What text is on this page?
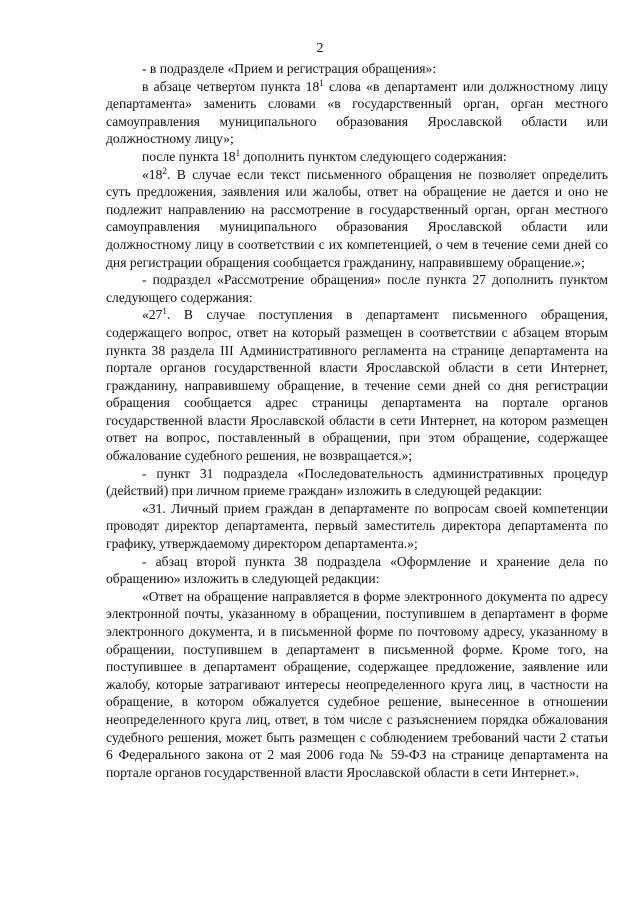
2

- в подразделе «Прием и регистрация обращения»:

в абзаце четвертом пункта $18^1$ слова «в департамент или должностному лицу департамента» заменить словами «в государственный орган, орган местного самоуправления муниципального образования Ярославской области или должностному лицу»;

после пункта $18^1$ дополнить пунктом следующего содержания:

«$18^2$. В случае если текст письменного обращения не позволяет определить суть предложения, заявления или жалобы, ответ на обращение не дается и оно не подлежит направлению на рассмотрение в государственный орган, орган местного самоуправления муниципального образования Ярославской области или должностному лицу в соответствии с их компетенцией, о чем в течение семи дней со дня регистрации обращения сообщается гражданину, направившему обращение.»;

- подраздел «Рассмотрение обращения» после пункта 27 дополнить пунктом следующего содержания:

«$27^1$. В случае поступления в департамент письменного обращения, содержащего вопрос, ответ на который размещен в соответствии с абзацем вторым пункта 38 раздела III Административного регламента на странице департамента на портале органов государственной власти Ярославской области в сети Интернет, гражданину, направившему обращение, в течение семи дней со дня регистрации обращения сообщается адрес страницы департамента на портале органов государственной власти Ярославской области в сети Интернет, на котором размещен ответ на вопрос, поставленный в обращении, при этом обращение, содержащее обжалование судебного решения, не возвращается.»;

- пункт 31 подраздела «Последовательность административных процедур (действий) при личном приеме граждан» изложить в следующей редакции:

«31. Личный прием граждан в департаменте по вопросам своей компетенции проводят директор департамента, первый заместитель директора департамента по графику, утверждаемому директором департамента.»;

- абзац второй пункта 38 подраздела «Оформление и хранение дела по обращению» изложить в следующей редакции:

«Ответ на обращение направляется в форме электронного документа по адресу электронной почты, указанному в обращении, поступившем в департамент в форме электронного документа, и в письменной форме по почтовому адресу, указанному в обращении, поступившем в департамент в письменной форме. Кроме того, на поступившее в департамент обращение, содержащее предложение, заявление или жалобу, которые затрагивают интересы неопределенного круга лиц, в частности на обращение, в котором обжалуется судебное решение, вынесенное в отношении неопределенного круга лиц, ответ, в том числе с разъяснением порядка обжалования судебного решения, может быть размещен с соблюдением требований части 2 статьи 6 Федерального закона от 2 мая 2006 года № 59-ФЗ на странице департамента на портале органов государственной власти Ярославской области в сети Интернет.».
